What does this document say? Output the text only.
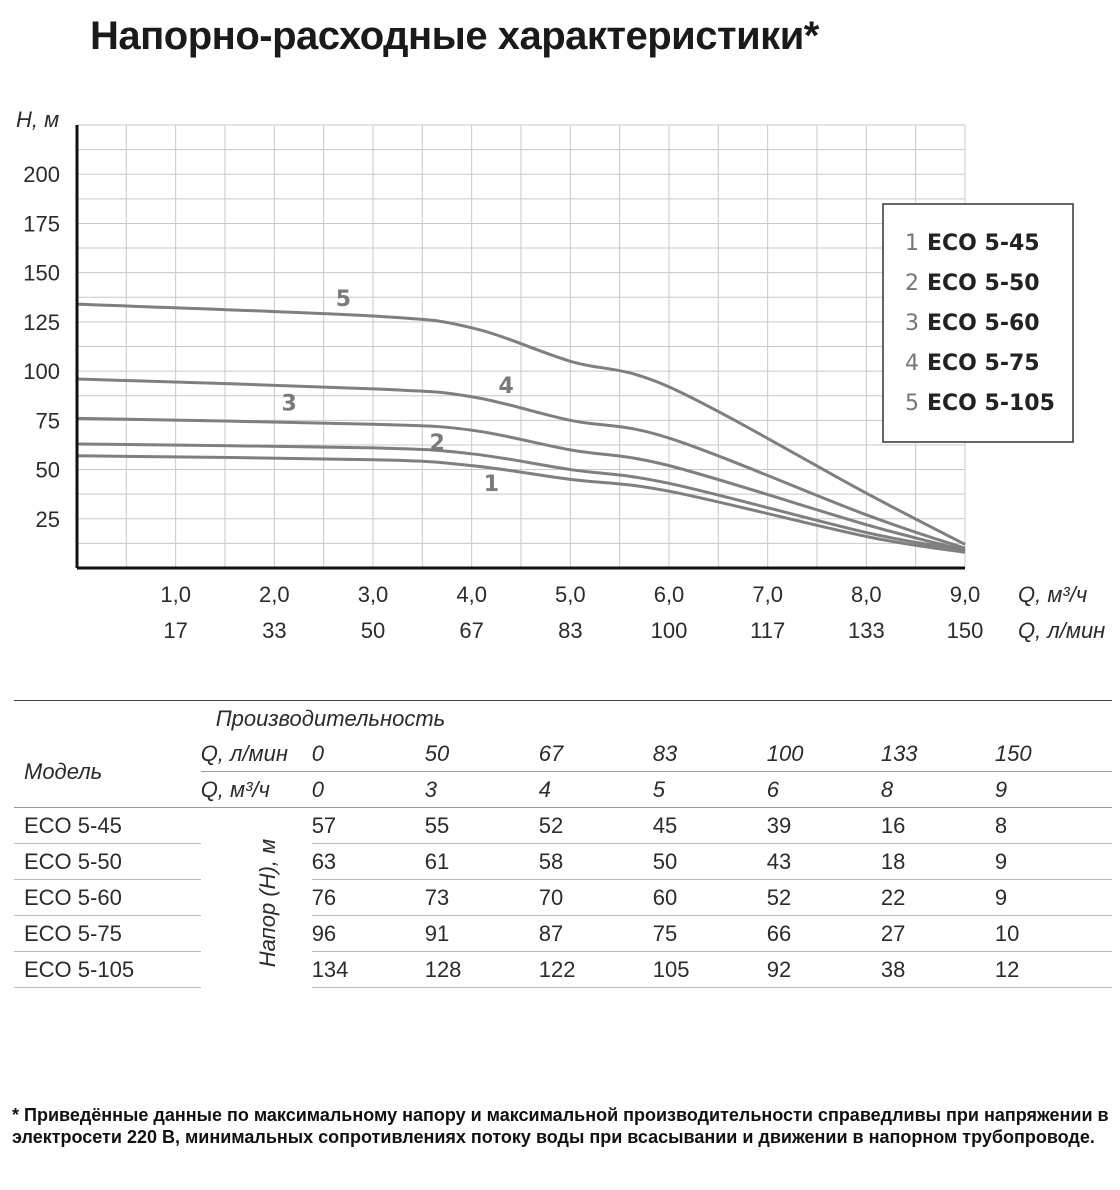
Напорно-расходные характеристики*
25
50
75
100
125
150
175
200
1,0	2,0	3,0	4,0	5,0	6,0	7,0	8,0	9,0
17	33	50	67	83	100	117	133	150
H, м
Q, м³/ч
Q, л/мин
1
2
3
4
5
1 ECO 5-45
2 ECO 5-50
3 ECO 5-60
4 ECO 5-75
5 ECO 5-105
	Производительность							
Модель	Q, л/мин	0	50	67	83	100	133	150
	Q, м³/ч	0	3	4	5	6	8	9
ECO 5-45		57	55	52	45	39	16	8
ECO 5-50		63	61	58	50	43	18	9
ECO 5-60		76	73	70	60	52	22	9
ECO 5-75		96	91	87	75	66	27	10
ECO 5-105		134	128	122	105	92	38	12
Напор (H), м
* Приведённые данные по максимальному напору и максимальной производительности справедливы при напряжении в электросети 220 В, минимальных сопротивлениях потоку воды при всасывании и движении в напорном трубопроводе.
